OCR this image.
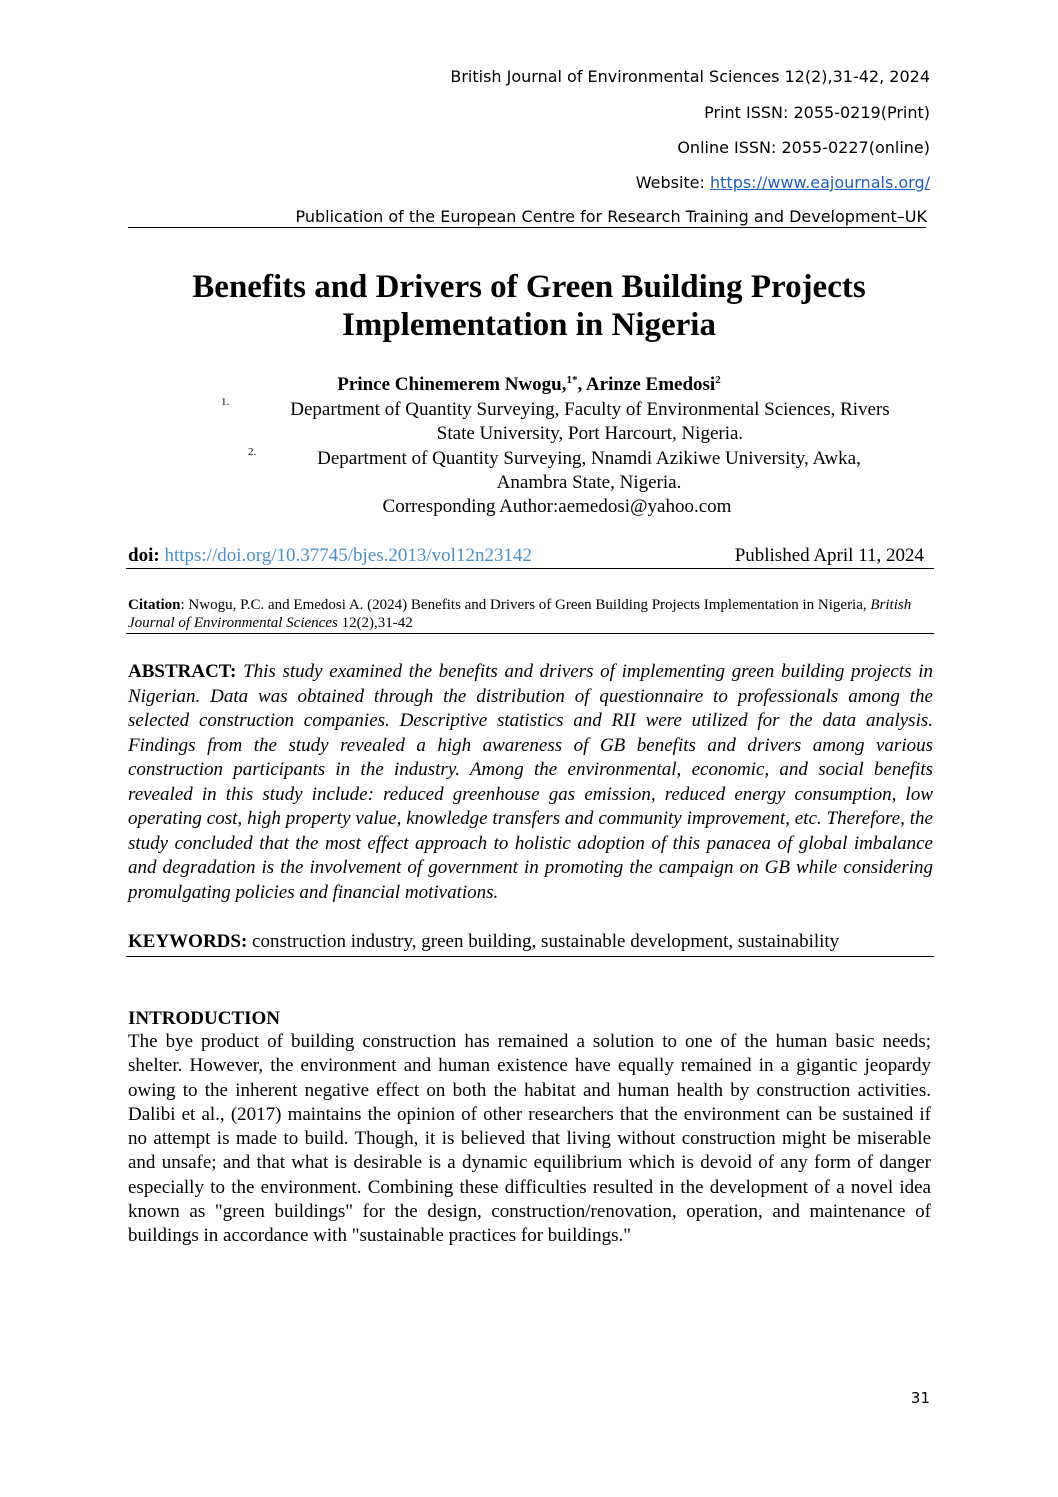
British Journal of Environmental Sciences 12(2),31-42, 2024
Print ISSN: 2055-0219(Print)
Online ISSN: 2055-0227(online)
Website: https://www.eajournals.org/
Publication of the European Centre for Research Training and Development–UK
Benefits and Drivers of Green Building Projects Implementation in Nigeria
Prince Chinemerem Nwogu,$^{1*}$, Arinze Emedosi$^2$
1.	Department of Quantity Surveying, Faculty of Environmental Sciences, Rivers
State University, Port Harcourt, Nigeria.
2.	Department of Quantity Surveying, Nnamdi Azikiwe University, Awka,
Anambra State, Nigeria.
Corresponding Author:aemedosi@yahoo.com
doi: https://doi.org/10.37745/bjes.2013/vol12n23142	Published April 11, 2024
Citation: Nwogu, P.C. and Emedosi A. (2024) Benefits and Drivers of Green Building Projects Implementation in Nigeria, British Journal of Environmental Sciences 12(2),31-42
ABSTRACT: This study examined the benefits and drivers of implementing green building projects in Nigerian. Data was obtained through the distribution of questionnaire to professionals among the selected construction companies. Descriptive statistics and RII were utilized for the data analysis. Findings from the study revealed a high awareness of GB benefits and drivers among various construction participants in the industry. Among the environmental, economic, and social benefits revealed in this study include: reduced greenhouse gas emission, reduced energy consumption, low operating cost, high property value, knowledge transfers and community improvement, etc. Therefore, the study concluded that the most effect approach to holistic adoption of this panacea of global imbalance and degradation is the involvement of government in promoting the campaign on GB while considering promulgating policies and financial motivations.
KEYWORDS: construction industry, green building, sustainable development, sustainability
INTRODUCTION
The bye product of building construction has remained a solution to one of the human basic needs; shelter. However, the environment and human existence have equally remained in a gigantic jeopardy owing to the inherent negative effect on both the habitat and human health by construction activities. Dalibi et al., (2017) maintains the opinion of other researchers that the environment can be sustained if no attempt is made to build. Though, it is believed that living without construction might be miserable and unsafe; and that what is desirable is a dynamic equilibrium which is devoid of any form of danger especially to the environment. Combining these difficulties resulted in the development of a novel idea known as "green buildings" for the design, construction/renovation, operation, and maintenance of buildings in accordance with "sustainable practices for buildings."
31
